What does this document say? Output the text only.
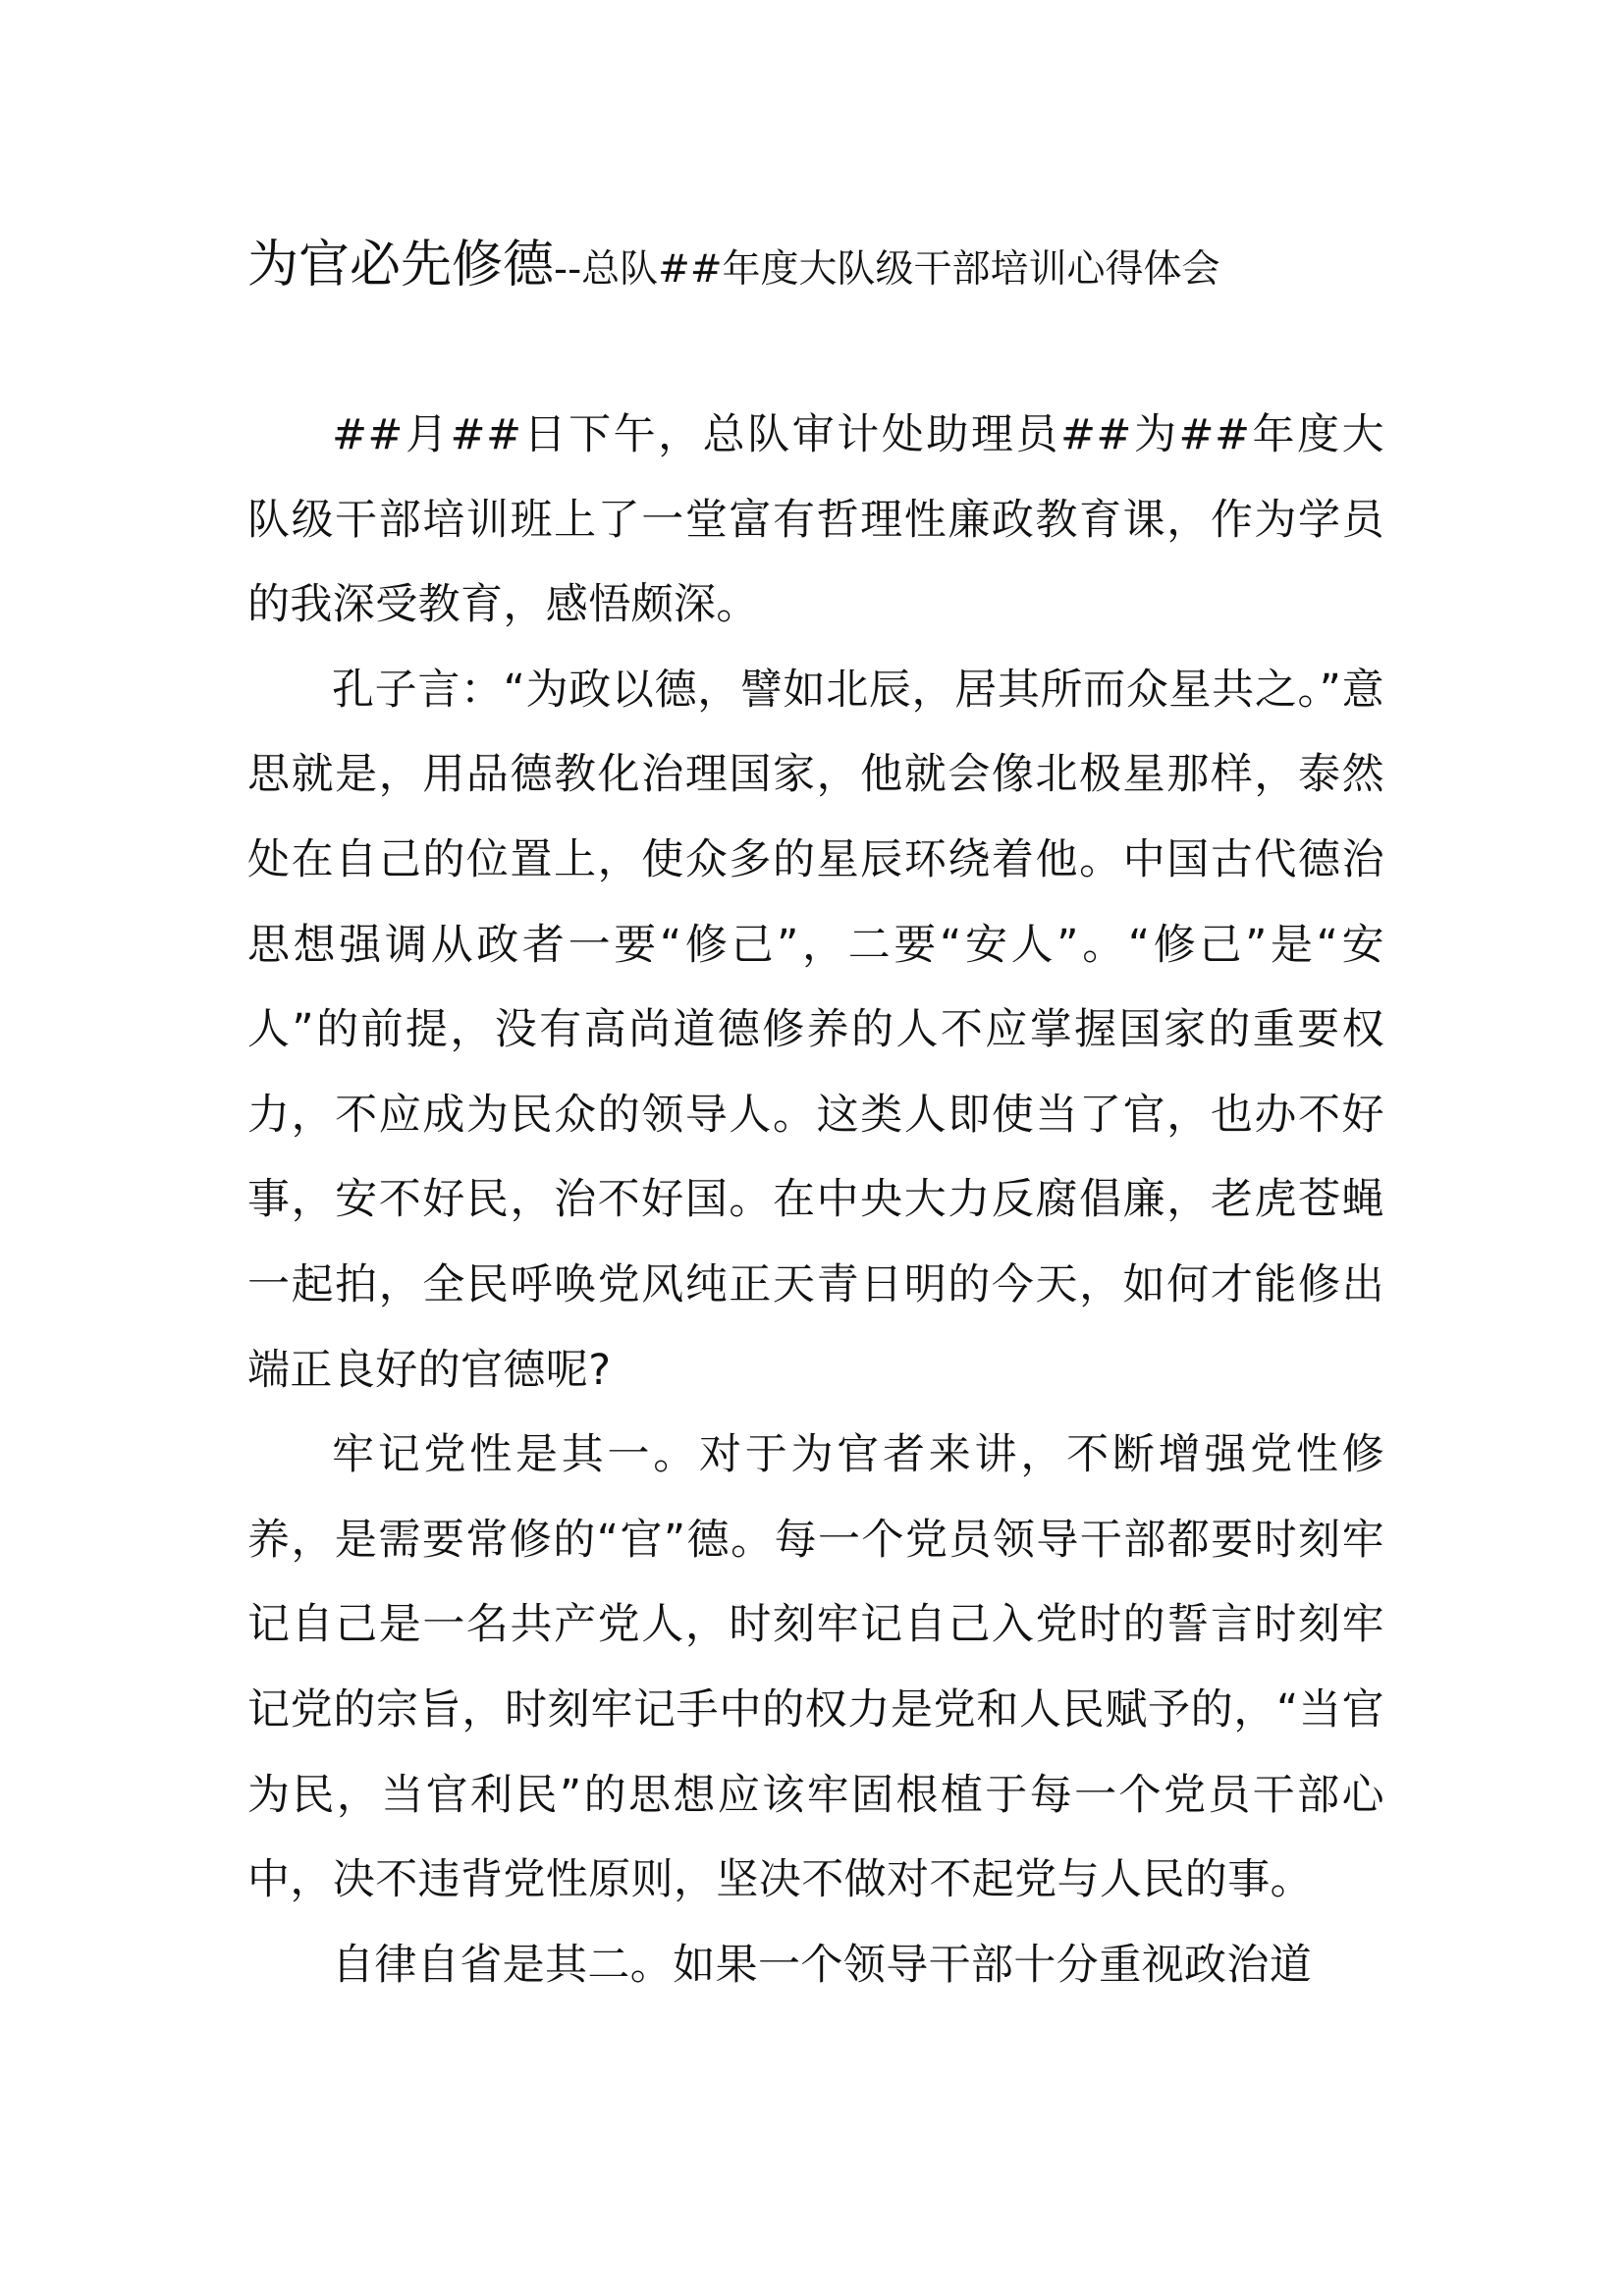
为官必先修德--总队##年度大队级干部培训心得体会

##月##日下午，总队审计处助理员##为##年度大队级干部培训班上了一堂富有哲理性廉政教育课，作为学员的我深受教育，感悟颇深。

孔子言：“为政以德，譬如北辰，居其所而众星共之。”意思就是，用品德教化治理国家，他就会像北极星那样，泰然处在自己的位置上，使众多的星辰环绕着他。中国古代德治思想强调从政者一要“修己”，二要“安人”。“修己”是“安人”的前提，没有高尚道德修养的人不应掌握国家的重要权力，不应成为民众的领导人。这类人即使当了官，也办不好事，安不好民，治不好国。在中央大力反腐倡廉，老虎苍蝇一起拍，全民呼唤党风纯正天青日明的今天，如何才能修出端正良好的官德呢?

牢记党性是其一。对于为官者来讲，不断增强党性修养，是需要常修的“官”德。每一个党员领导干部都要时刻牢记自己是一名共产党人，时刻牢记自己入党时的誓言时刻牢记党的宗旨，时刻牢记手中的权力是党和人民赋予的，“当官为民，当官利民”的思想应该牢固根植于每一个党员干部心中，决不违背党性原则，坚决不做对不起党与人民的事。

自律自省是其二。如果一个领导干部十分重视政治道
